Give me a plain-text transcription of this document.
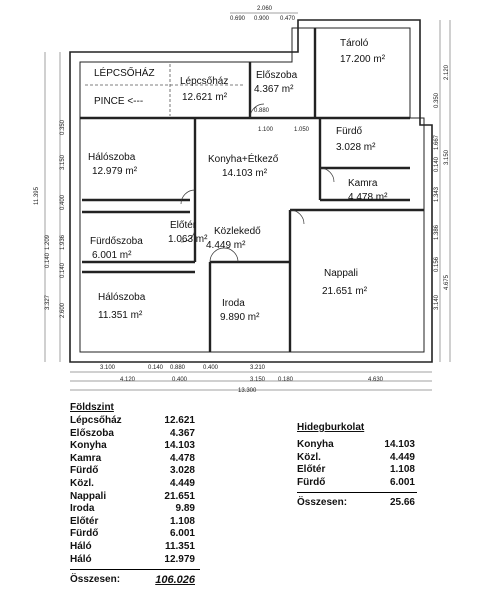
LÉPCSŐHÁZ
PINCE <---
Lépcsőház
12.621 m²
Előszoba
4.367 m²
Tároló
17.200 m²
Hálószoba
12.979 m²
Konyha+Étkező
14.103 m²
Fürdő
3.028 m²
Kamra
4.478 m²
Előtér
1.063 m²
Közlekedő
4.449 m²
Fürdőszoba
6.001 m²
Hálószoba
11.351 m²
Iroda
9.890 m²
Nappali
21.651 m²
2.060
0.690 0.900 0.470
0.880
1.100	1.050
11.395
3.150
0.350
0.400
1.209 1.936
0.140
3.327
0.140
2.600
2.120
0.350
1.667
0.140 3.150
1.343
1.386
0.156
4.675
3.140
3.100	0.140 0.880	0.400	3.210
4.120	0.400	3.150 0.180	4.630
13.300
Földszint
Lépcsőház	12.621
Előszoba	4.367
Konyha	14.103
Kamra	4.478
Fürdő	3.028
Közl.	4.449
Nappali	21.651
Iroda	9.89
Előtér	1.108
Fürdő	6.001
Háló	11.351
Háló	12.979
Összesen:	106.026
Hidegburkolat
Konyha	14.103
Közl.	4.449
Előtér	1.108
Fürdő	6.001
Összesen:	25.66
